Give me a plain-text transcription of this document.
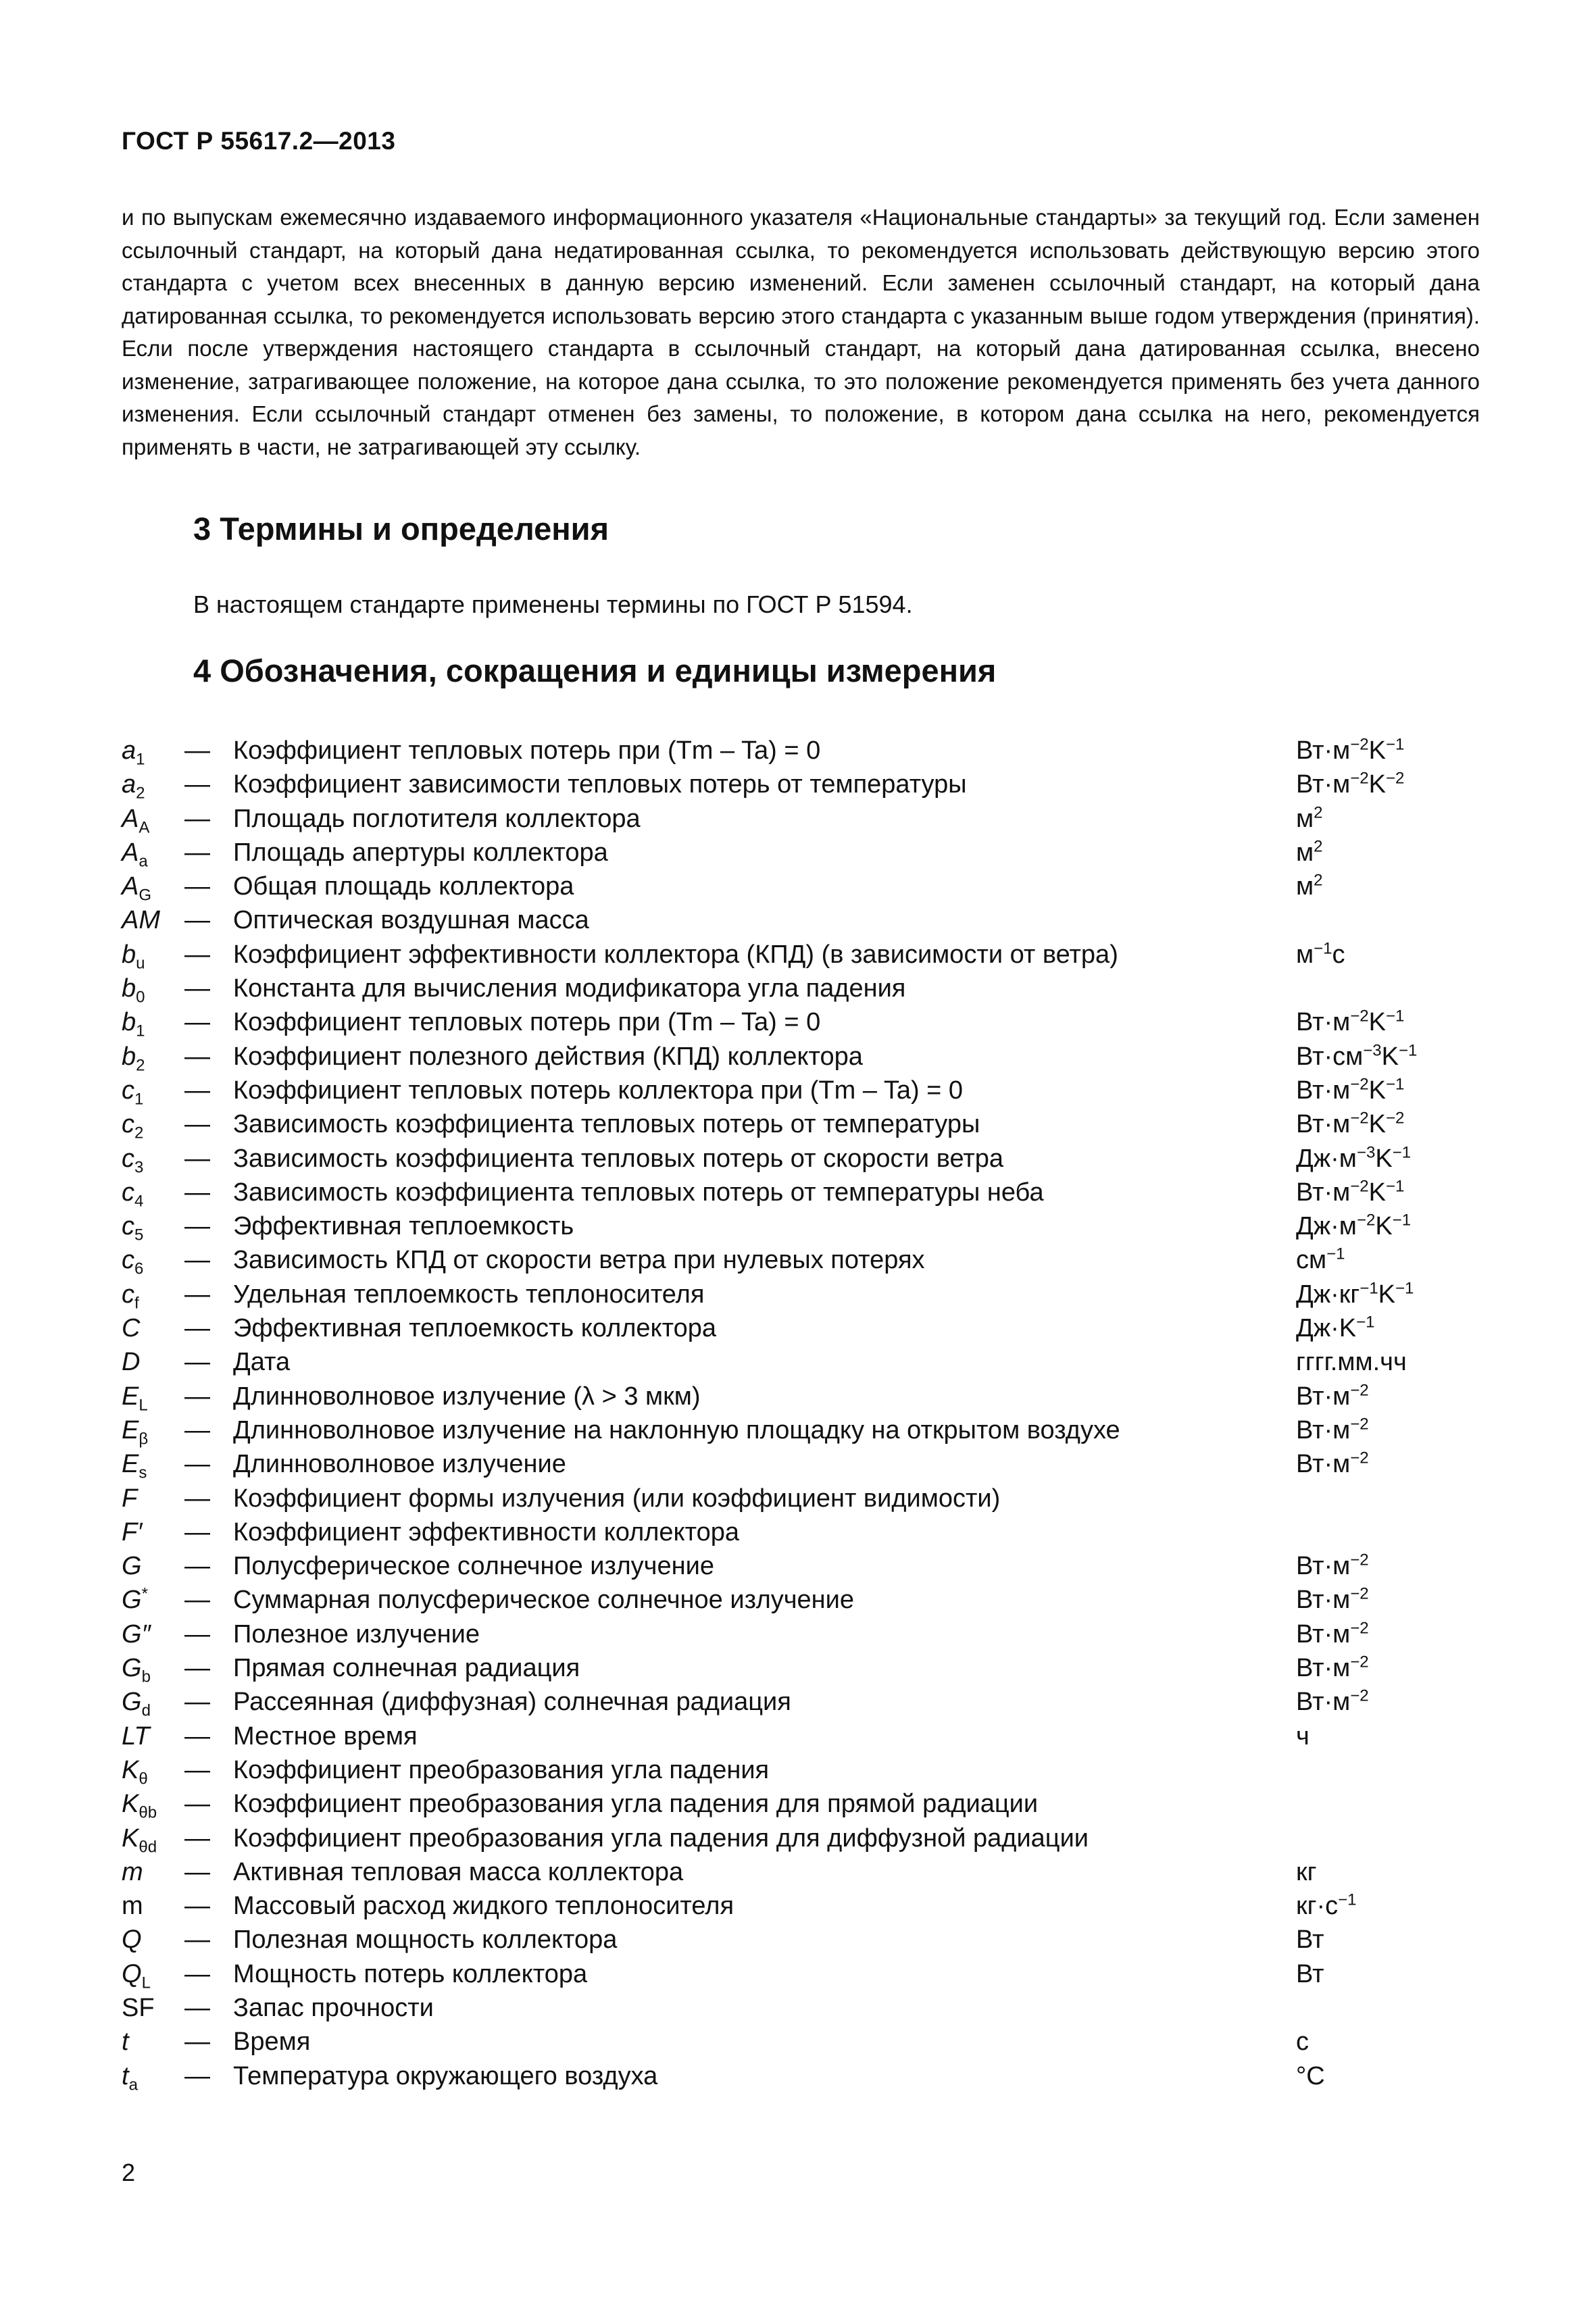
ГОСТ Р 55617.2—2013

и по выпускам ежемесячно издаваемого информационного указателя «Национальные стандарты» за текущий год. Если заменен ссылочный стандарт, на который дана недатированная ссылка, то рекомендуется использовать действующую версию этого стандарта с учетом всех внесенных в данную версию изменений. Если заменен ссылочный стандарт, на который дана датированная ссылка, то рекомендуется использовать версию этого стандарта с указанным выше годом утверждения (принятия). Если после утверждения настоящего стандарта в ссылочный стандарт, на который дана датированная ссылка, внесено изменение, затрагивающее положение, на которое дана ссылка, то это положение рекомендуется применять без учета данного изменения. Если ссылочный стандарт отменен без замены, то положение, в котором дана ссылка на него, рекомендуется применять в части, не затрагивающей эту ссылку.

3 Термины и определения

В настоящем стандарте применены термины по ГОСТ Р 51594.

4 Обозначения, сокращения и единицы измерения
$a_1$ — Коэффициент тепловых потерь при (Tm – Ta) = 0	$Вт\cdot м^{-2}K^{-1}$
$a_2$ — Коэффициент зависимости тепловых потерь от температуры	$Вт\cdot м^{-2}K^{-2}$
$A_A$ — Площадь поглотителя коллектора	$м^2$
$A_a$ — Площадь апертуры коллектора	$м^2$
$A_G$ — Общая площадь коллектора	$м^2$
AM — Оптическая воздушная масса
$b_u$ — Коэффициент эффективности коллектора (КПД) (в зависимости от ветра)	$м^{-1}с$
$b_0$ — Константа для вычисления модификатора угла падения
$b_1$ — Коэффициент тепловых потерь при (Tm – Ta) = 0	$Вт\cdot м^{-2}K^{-1}$
$b_2$ — Коэффициент полезного действия (КПД) коллектора	$Вт\cdot см^{-3}K^{-1}$
$c_1$ — Коэффициент тепловых потерь коллектора при (Tm – Ta) = 0	$Вт\cdot м^{-2}K^{-1}$
$c_2$ — Зависимость коэффициента тепловых потерь от температуры	$Вт\cdot м^{-2}K^{-2}$
$c_3$ — Зависимость коэффициента тепловых потерь от скорости ветра	$Дж\cdot м^{-3}K^{-1}$
$c_4$ — Зависимость коэффициента тепловых потерь от температуры неба	$Вт\cdot м^{-2}K^{-1}$
$c_5$ — Эффективная теплоемкость	$Дж\cdot м^{-2}K^{-1}$
$c_6$ — Зависимость КПД от скорости ветра при нулевых потерях	$см^{-1}$
$c_f$ — Удельная теплоемкость теплоносителя	$Дж\cdot кг^{-1}K^{-1}$
C — Эффективная теплоемкость коллектора	$Дж\cdot K^{-1}$
D — Дата	гггг.мм.чч
$E_L$ — Длинноволновое излучение (λ > 3 мкм)	$Вт\cdot м^{-2}$
$E_\beta$ — Длинноволновое излучение на наклонную площадку на открытом воздухе	$Вт\cdot м^{-2}$
$E_s$ — Длинноволновое излучение	$Вт\cdot м^{-2}$
F — Коэффициент формы излучения (или коэффициент видимости)
F′ — Коэффициент эффективности коллектора
G — Полусферическое солнечное излучение	$Вт\cdot м^{-2}$
G* — Суммарная полусферическое солнечное излучение	$Вт\cdot м^{-2}$
G″ — Полезное излучение	$Вт\cdot м^{-2}$
$G_b$ — Прямая солнечная радиация	$Вт\cdot м^{-2}$
$G_d$ — Рассеянная (диффузная) солнечная радиация	$Вт\cdot м^{-2}$
LT — Местное время	ч
$K_\theta$ — Коэффициент преобразования угла падения
$K_{\theta b}$ — Коэффициент преобразования угла падения для прямой радиации
$K_{\theta d}$ — Коэффициент преобразования угла падения для диффузной радиации
m — Активная тепловая масса коллектора	кг
m — Массовый расход жидкого теплоносителя	$кг\cdot с^{-1}$
Q — Полезная мощность коллектора	Вт
$Q_L$ — Мощность потерь коллектора	Вт
SF — Запас прочности
t — Время	с
$t_a$ — Температура окружающего воздуха	°C
2
